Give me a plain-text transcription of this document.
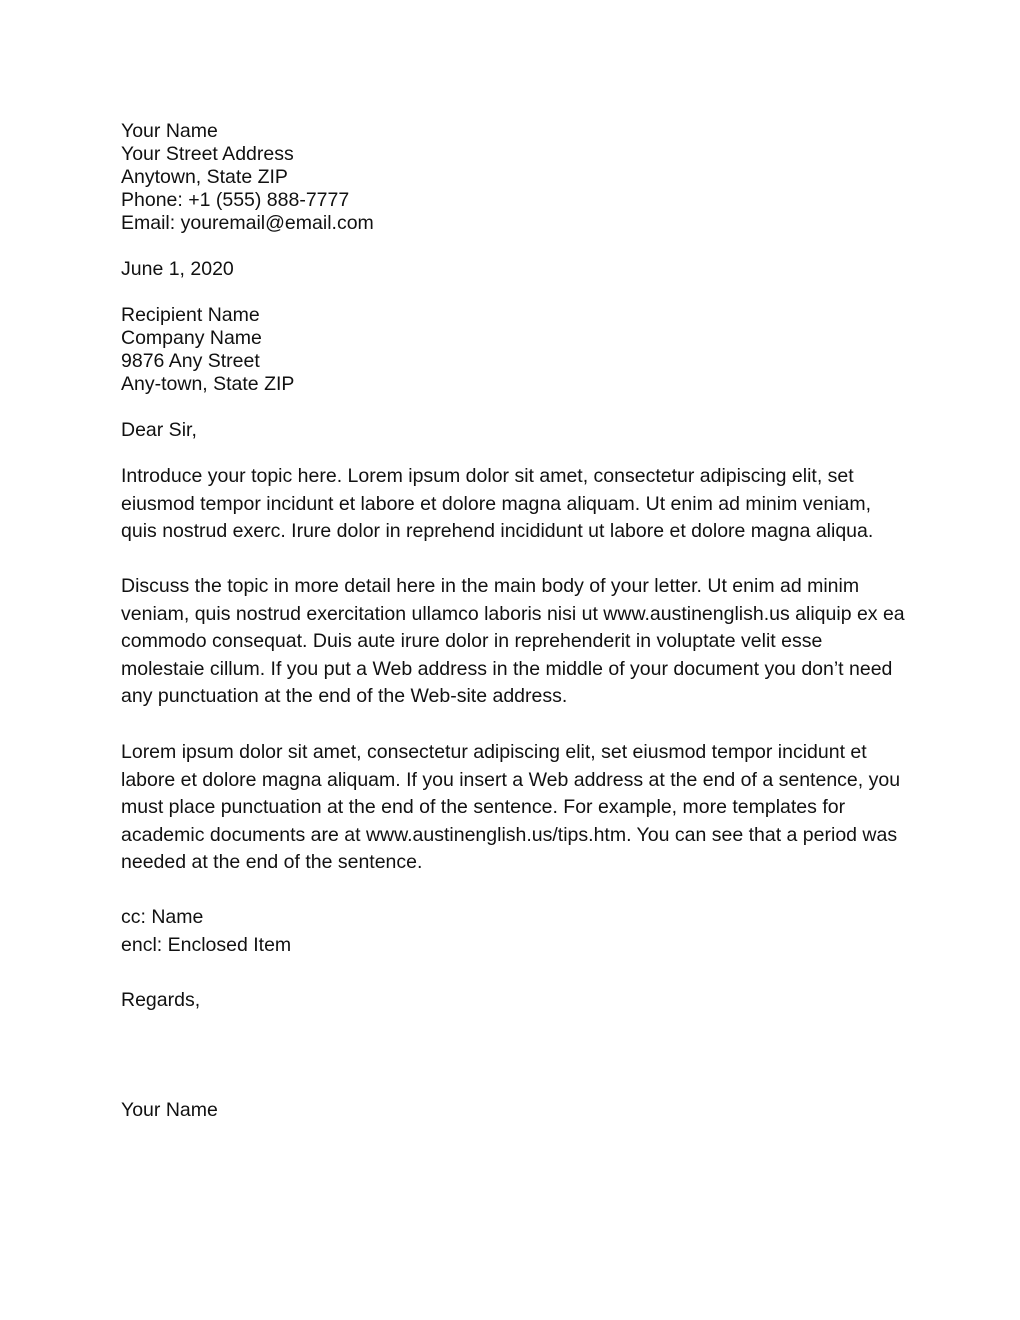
Your Name
Your Street Address
Anytown, State ZIP
Phone: +1 (555) 888-7777
Email: youremail@email.com
June 1, 2020
Recipient Name
Company Name
9876 Any Street
Any-town, State ZIP
Dear Sir,

Introduce your topic here. Lorem ipsum dolor sit amet, consectetur adipiscing elit, set eiusmod tempor incidunt et labore et dolore magna aliquam. Ut enim ad minim veniam, quis nostrud exerc. Irure dolor in reprehend incididunt ut labore et dolore magna aliqua.

Discuss the topic in more detail here in the main body of your letter. Ut enim ad minim veniam, quis nostrud exercitation ullamco laboris nisi ut www.austinenglish.us aliquip ex ea commodo consequat. Duis aute irure dolor in reprehenderit in voluptate velit esse molestaie cillum. If you put a Web address in the middle of your document you don’t need any punctuation at the end of the Web-site address.

Lorem ipsum dolor sit amet, consectetur adipiscing elit, set eiusmod tempor incidunt et labore et dolore magna aliquam. If you insert a Web address at the end of a sentence, you must place punctuation at the end of the sentence. For example, more templates for academic documents are at www.austinenglish.us/tips.htm. You can see that a period was needed at the end of the sentence.

cc: Name
encl: Enclosed Item
Regards,
Your Name
